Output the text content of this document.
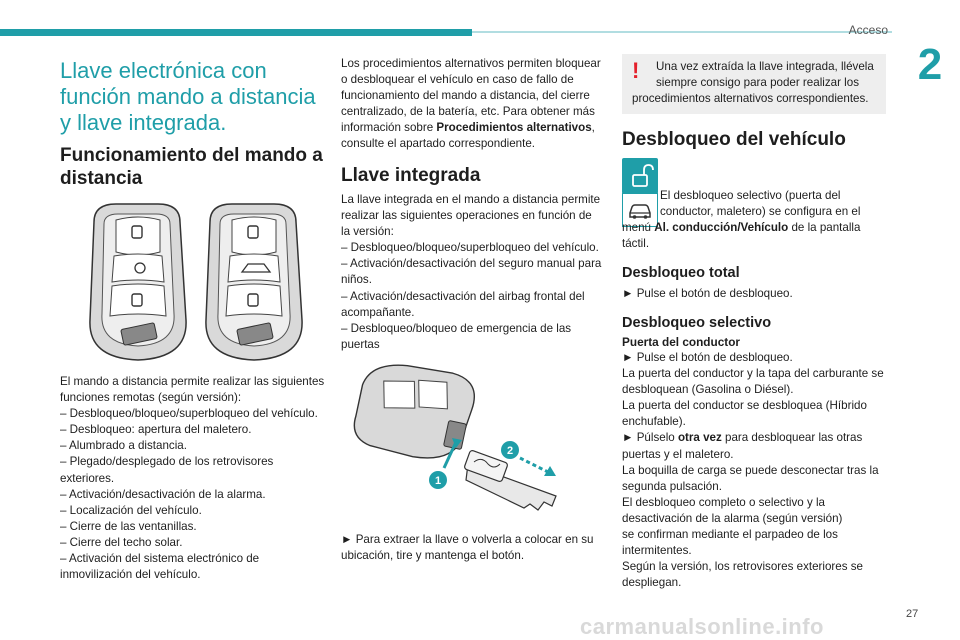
Acceso
2
Llave electrónica con
función mando a distancia
y llave integrada.
Funcionamiento del mando a
distancia

El mando a distancia permite realizar las siguientes

funciones remotas (según versión):

– Desbloqueo/bloqueo/superbloqueo del vehículo.

– Desbloqueo: apertura del maletero.

– Alumbrado a distancia.

– Plegado/desplegado de los retrovisores

exteriores.

– Activación/desactivación de la alarma.

– Localización del vehículo.

– Cierre de las ventanillas.

– Cierre del techo solar.

– Activación del sistema electrónico de

inmovilización del vehículo.

Los procedimientos alternativos permiten bloquear

o desbloquear el vehículo en caso de fallo de

funcionamiento del mando a distancia, del cierre

centralizado, de la batería, etc. Para obtener más

información sobre Procedimientos alternativos,

consulte el apartado correspondiente.

Llave integrada

La llave integrada en el mando a distancia permite

realizar las siguientes operaciones en función de

la versión:

– Desbloqueo/bloqueo/superbloqueo del vehículo.

– Activación/desactivación del seguro manual para

niños.

– Activación/desactivación del airbag frontal del

acompañante.

– Desbloqueo/bloqueo de emergencia de las

puertas

1
2

► Para extraer la llave o volverla a colocar en su

ubicación, tire y mantenga el botón.

!	Una vez extraída la llave integrada, llévela

siempre consigo para poder realizar los

procedimientos alternativos correspondientes.

Desbloqueo del vehículo

El desbloqueo selectivo (puerta del

conductor, maletero) se configura en el

menú Al. conducción/Vehículo de la pantalla

táctil.

Desbloqueo total
► Pulse el botón de desbloqueo.
Desbloqueo selectivo

Puerta del conductor

► Pulse el botón de desbloqueo.

La puerta del conductor y la tapa del carburante se

desbloquean (Gasolina o Diésel).

La puerta del conductor se desbloquea (Híbrido

enchufable).

► Púlselo otra vez para desbloquear las otras

puertas y el maletero.

La boquilla de carga se puede desconectar tras la

segunda pulsación.

El desbloqueo completo o selectivo y la

desactivación de la alarma (según versión)

se confirman mediante el parpadeo de los

intermitentes.

Según la versión, los retrovisores exteriores se

despliegan.

carmanualsonline.info	27
